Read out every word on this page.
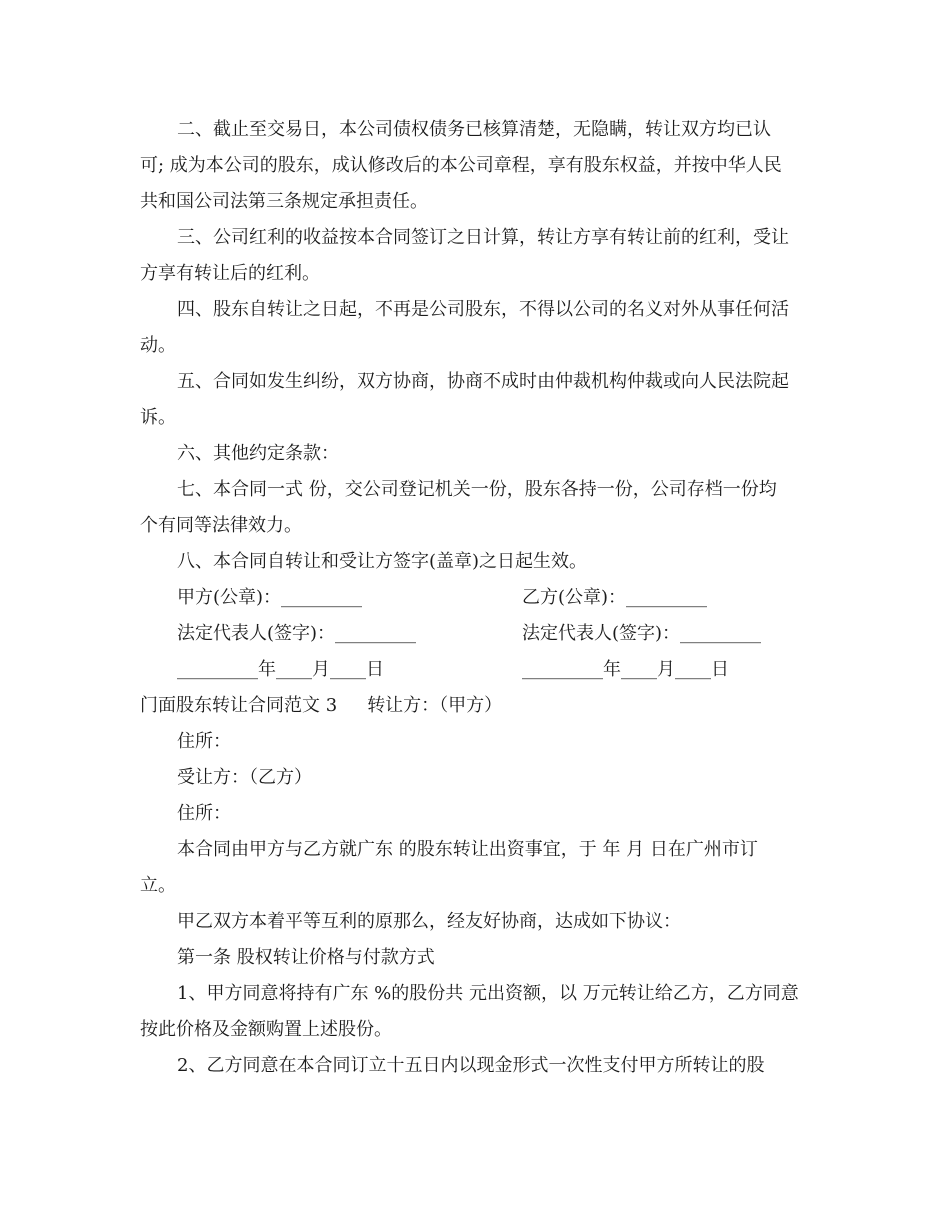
二、截止至交易日，本公司债权债务已核算清楚，无隐瞒，转让双方均已认
可; 成为本公司的股东，成认修改后的本公司章程，享有股东权益，并按中华人民
共和国公司法第三条规定承担责任。
三、公司红利的收益按本合同签订之日计算，转让方享有转让前的红利，受让
方享有转让后的红利。
四、股东自转让之日起，不再是公司股东，不得以公司的名义对外从事任何活
动。
五、合同如发生纠纷，双方协商，协商不成时由仲裁机构仲裁或向人民法院起
诉。
六、其他约定条款：
七、本合同一式 份，交公司登记机关一份，股东各持一份，公司存档一份均
个有同等法律效力。
八、本合同自转让和受让方签字(盖章)之日起生效。
甲方(公章)：_________	乙方(公章)：_________
法定代表人(签字)：_________	法定代表人(签字)：_________
_________年____月____日	_________年____月____日
门面股东转让合同范文 3 转让方：（甲方）
住所：
受让方：（乙方）
住所：
本合同由甲方与乙方就广东 的股东转让出资事宜，于 年 月 日在广州市订
立。
甲乙双方本着平等互利的原那么，经友好协商，达成如下协议：
第一条 股权转让价格与付款方式
1、甲方同意将持有广东 %的股份共 元出资额，以 万元转让给乙方，乙方同意
按此价格及金额购置上述股份。
2、乙方同意在本合同订立十五日内以现金形式一次性支付甲方所转让的股
